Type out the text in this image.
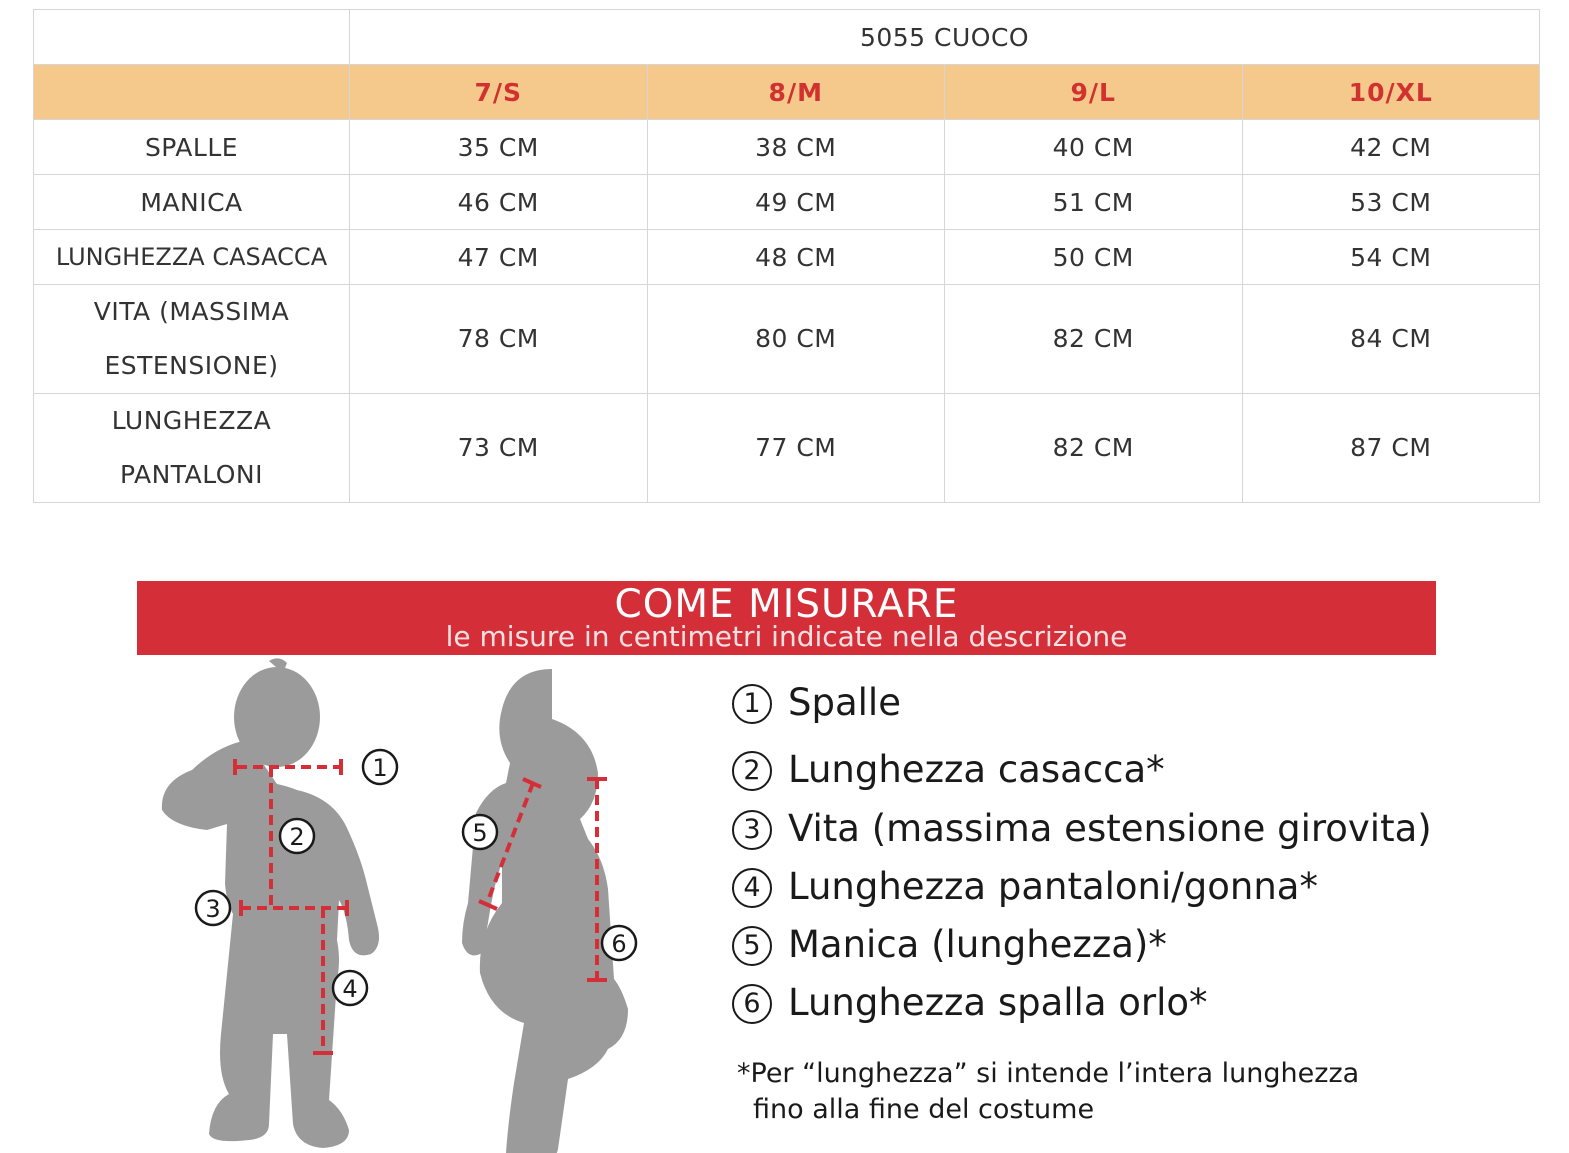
	5055 CUOCO			
	7/S	8/M	9/L	10/XL
SPALLE	35 CM	38 CM	40 CM	42 CM
MANICA	46 CM	49 CM	51 CM	53 CM
LUNGHEZZA CASACCA	47 CM	48 CM	50 CM	54 CM

VITA (MASSIMA
ESTENSIONE)	78 CM	80 CM	82 CM	84 CM

LUNGHEZZA
PANTALONI	73 CM	77 CM	82 CM	87 CM
COME MISURARE
le misure in centimetri indicate nella descrizione
1
2
3
4
5
6
1 Spalle
2 Lunghezza casacca*
3 Vita (massima estensione girovita)
4 Lunghezza pantaloni/gonna*
5 Manica (lunghezza)*
6 Lunghezza spalla orlo*
*Per “lunghezza” si intende l’intera lunghezza
fino alla fine del costume
